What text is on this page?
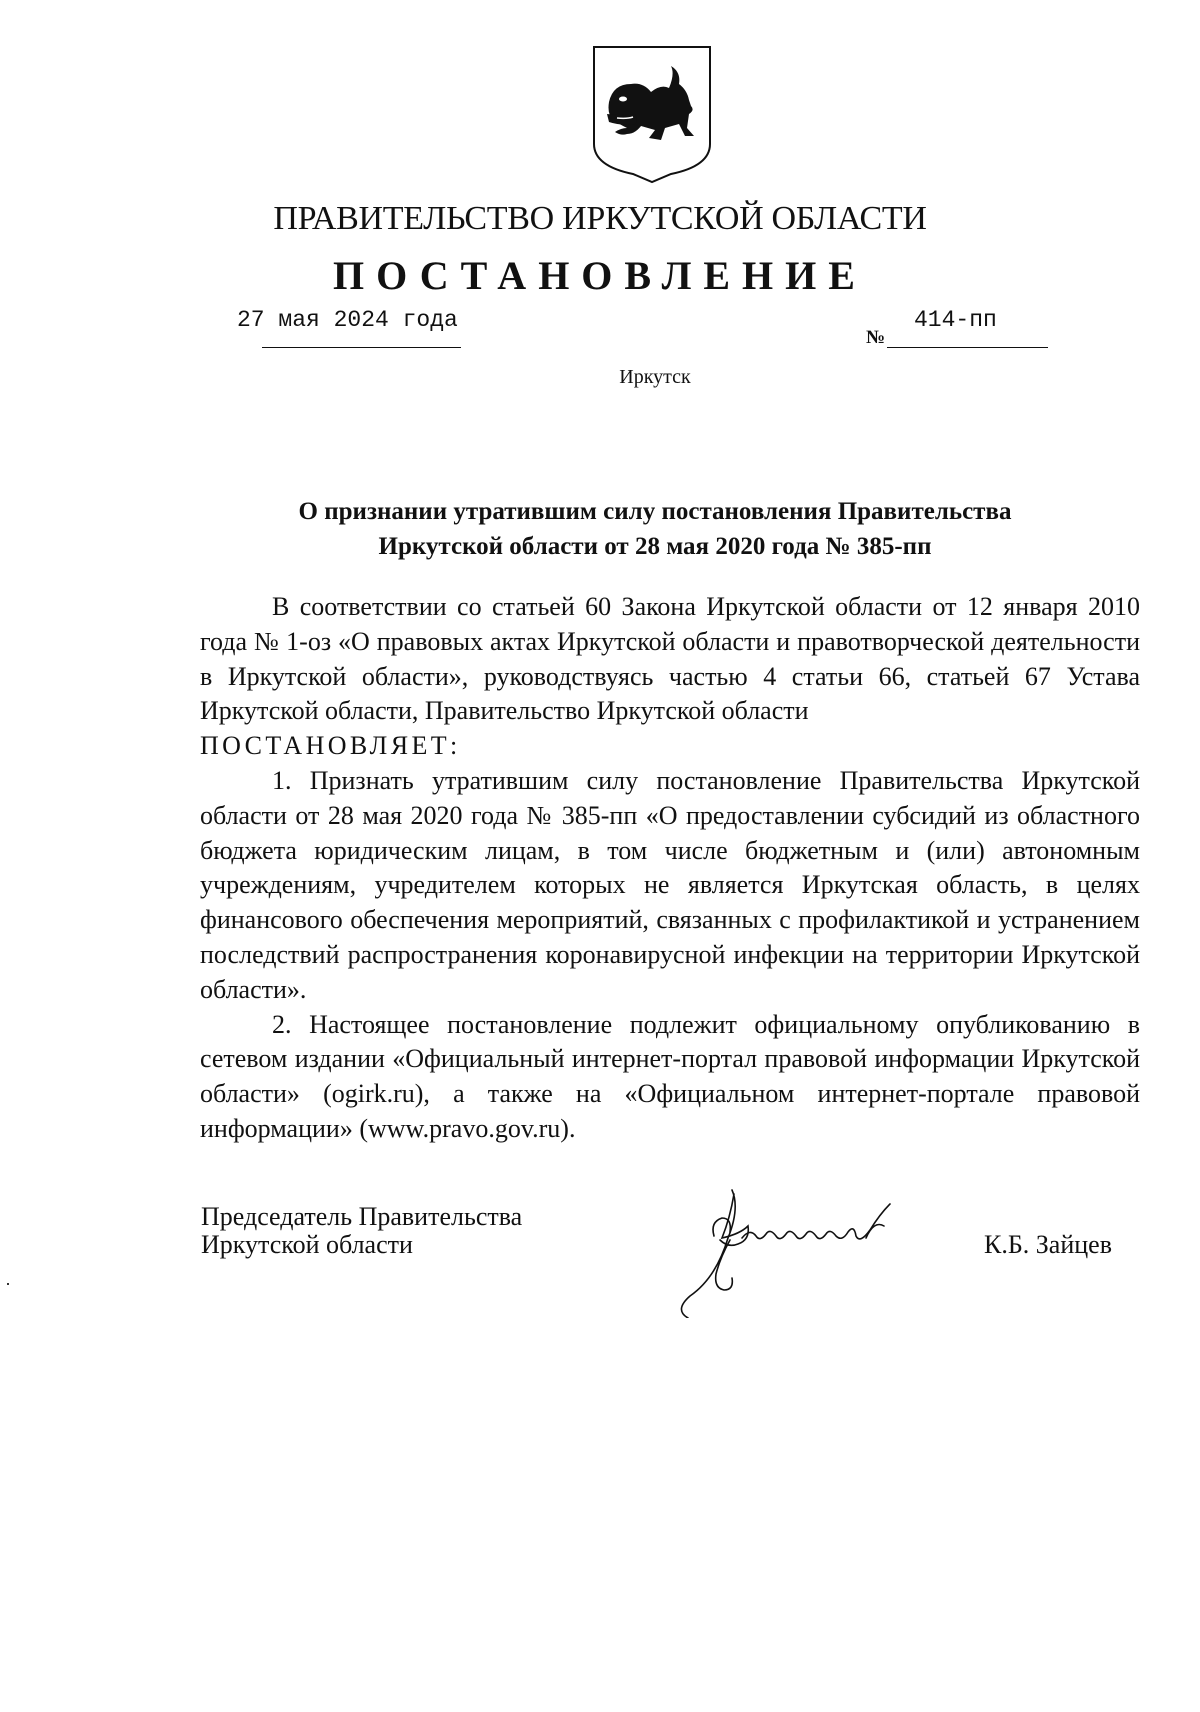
ПРАВИТЕЛЬСТВО ИРКУТСКОЙ ОБЛАСТИ
ПОСТАНОВЛЕНИЕ
27 мая 2024 года
№
414-пп
Иркутск
О признании утратившим силу постановления Правительства
Иркутской области от 28 мая 2020 года № 385-пп

В соответствии со статьей 60 Закона Иркутской области от 12 января 2010 года № 1-оз «О правовых актах Иркутской области и правотворческой деятельности в Иркутской области», руководствуясь частью 4 статьи 66, статьей 67 Устава Иркутской области, Правительство Иркутской области

ПОСТАНОВЛЯЕТ:

1. Признать утратившим силу постановление Правительства Иркутской области от 28 мая 2020 года № 385-пп «О предоставлении субсидий из областного бюджета юридическим лицам, в том числе бюджетным и (или) автономным учреждениям, учредителем которых не является Иркутская область, в целях финансового обеспечения мероприятий, связанных с профилактикой и устранением последствий распространения коронавирусной инфекции на территории Иркутской области».

2. Настоящее постановление подлежит официальному опубликованию в сетевом издании «Официальный интернет-портал правовой информации Иркутской области» (ogirk.ru), а также на «Официальном интернет-портале правовой информации» (www.pravo.gov.ru).

Председатель Правительства
Иркутской области	К.Б. Зайцев
